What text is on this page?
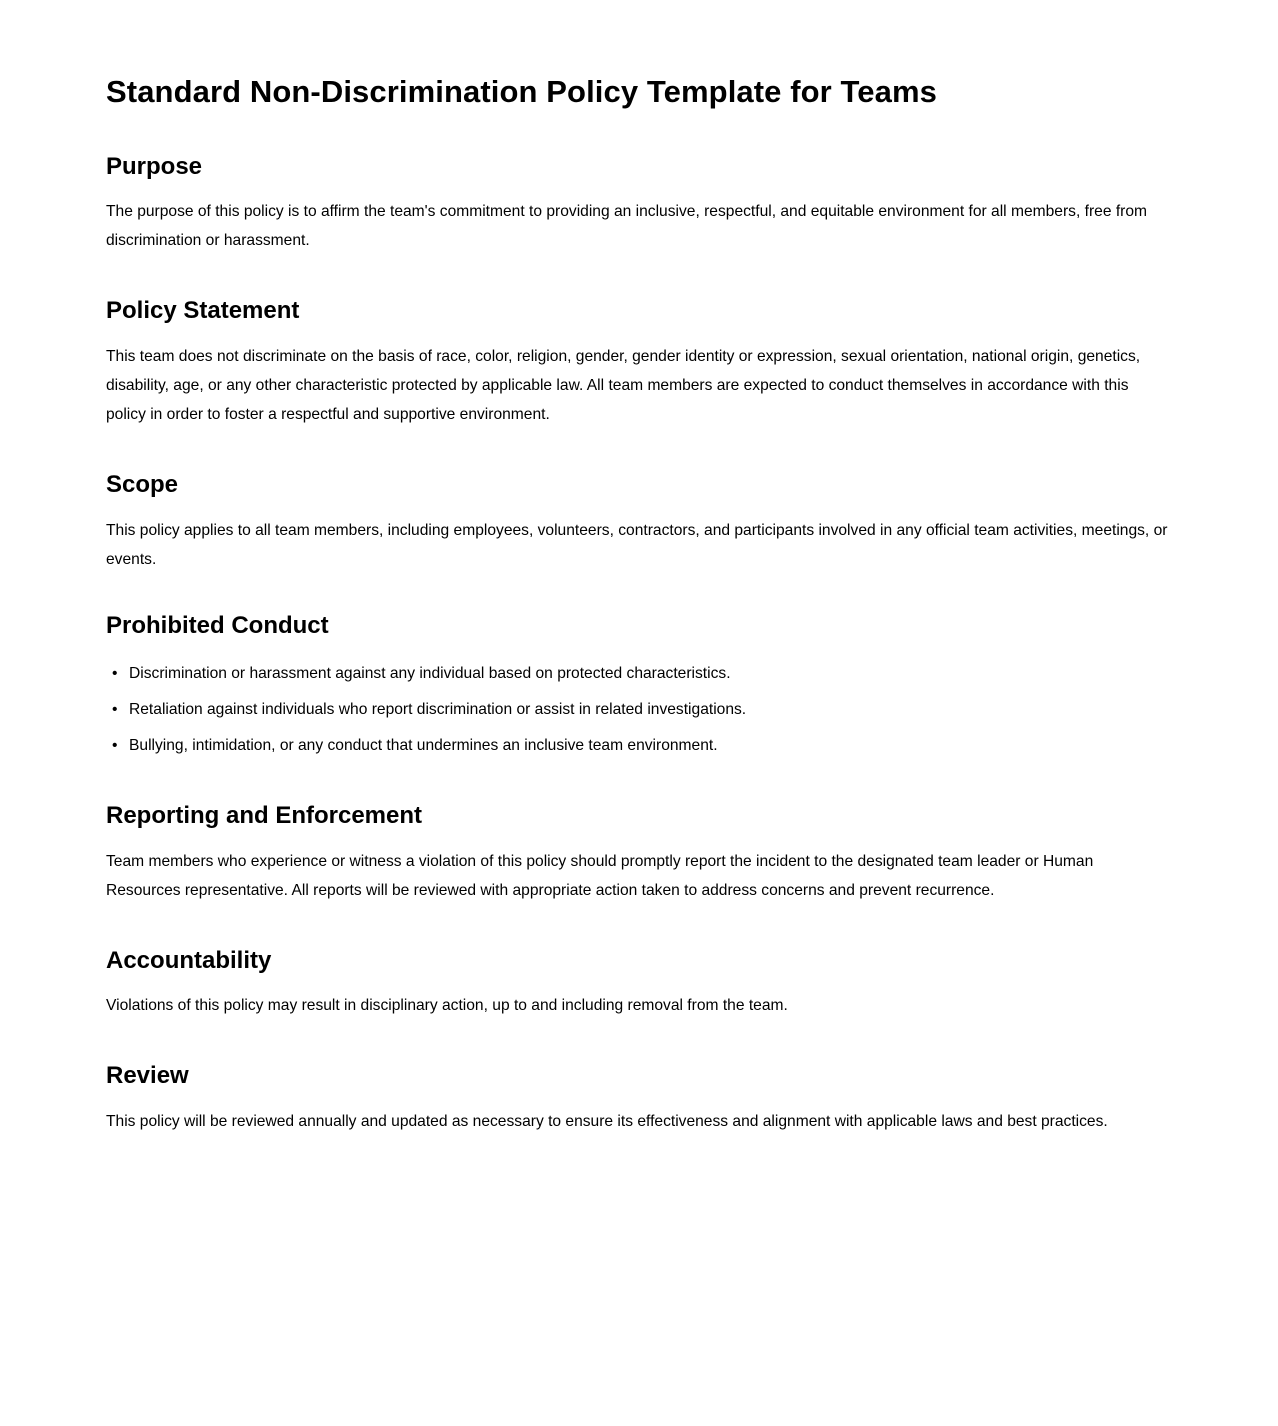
Standard Non-Discrimination Policy Template for Teams
Purpose

The purpose of this policy is to affirm the team's commitment to providing an inclusive, respectful, and equitable environment for all members, free from discrimination or harassment.

Policy Statement

This team does not discriminate on the basis of race, color, religion, gender, gender identity or expression, sexual orientation, national origin, genetics, disability, age, or any other characteristic protected by applicable law. All team members are expected to conduct themselves in accordance with this policy in order to foster a respectful and supportive environment.

Scope

This policy applies to all team members, including employees, volunteers, contractors, and participants involved in any official team activities, meetings, or events.

Prohibited Conduct
• Discrimination or harassment against any individual based on protected characteristics.
• Retaliation against individuals who report discrimination or assist in related investigations.
• Bullying, intimidation, or any conduct that undermines an inclusive team environment.
Reporting and Enforcement

Team members who experience or witness a violation of this policy should promptly report the incident to the designated team leader or Human Resources representative. All reports will be reviewed with appropriate action taken to address concerns and prevent recurrence.

Accountability

Violations of this policy may result in disciplinary action, up to and including removal from the team.

Review

This policy will be reviewed annually and updated as necessary to ensure its effectiveness and alignment with applicable laws and best practices.
